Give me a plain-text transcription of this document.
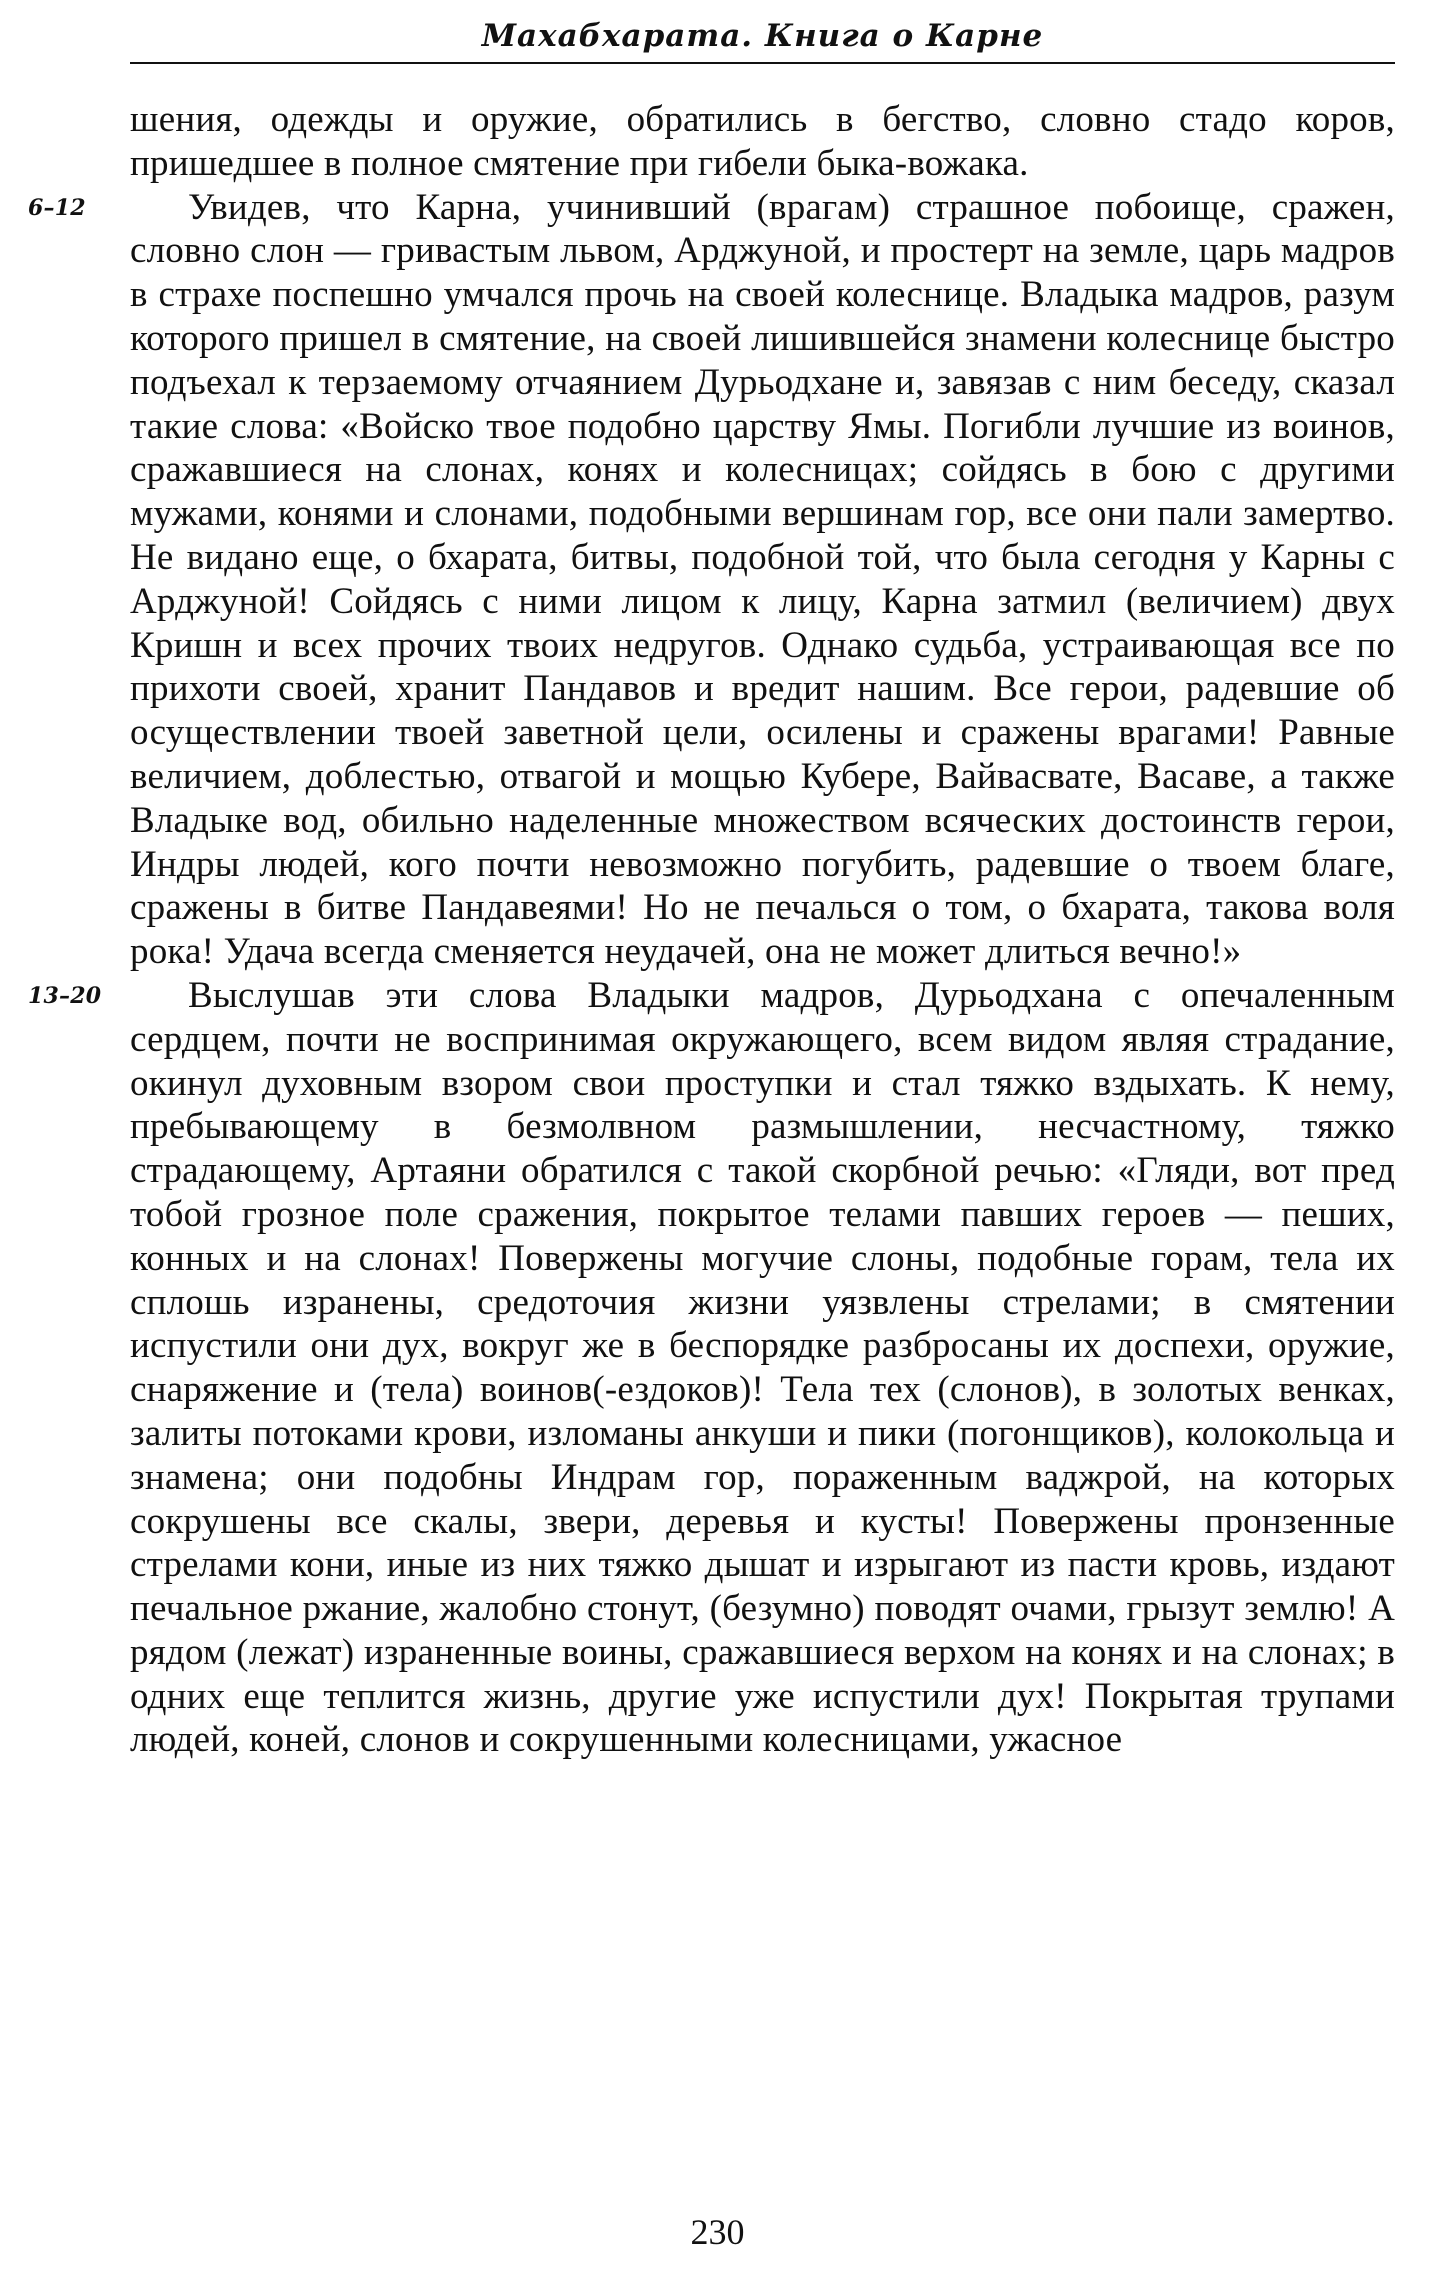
Махабхарата. Книга о Карне

шения, одежды и оружие, обратились в бегство, словно стадо коров, пришедшее в полное смятение при гибели быка-вожака.

6–12	Увидев, что Карна, учинивший (врагам) страшное побоище, сражен, словно слон — гривастым львом, Арджуной, и простерт на земле, царь мадров в страхе поспешно умчался прочь на своей колеснице. Владыка мадров, разум которого пришел в смятение, на своей лишившейся знамени колеснице быстро подъехал к терзаемому отчаянием Дурьодхане и, завязав с ним беседу, сказал такие слова: «Войско твое подобно царству Ямы. Погибли лучшие из воинов, сражавшиеся на слонах, конях и колесницах; сойдясь в бою с другими мужами, конями и слонами, подобными вершинам гор, все они пали замертво. Не видано еще, о бхарата, битвы, подобной той, что была сегодня у Карны с Арджуной! Сойдясь с ними лицом к лицу, Карна затмил (величием) двух Кришн и всех прочих твоих недругов. Однако судьба, устраивающая все по прихоти своей, хранит Пандавов и вредит нашим. Все герои, радевшие об осуществлении твоей заветной цели, осилены и сражены врагами! Равные величием, доблестью, отвагой и мощью Кубере, Вайвасвате, Васаве, а также Владыке вод, обильно наделенные множеством всяческих достоинств герои, Индры людей, кого почти невозможно погубить, радевшие о твоем благе, сражены в битве Пандавеями! Но не печалься о том, о бхарата, такова воля рока! Удача всегда сменяется неудачей, она не может длиться вечно!»

13–20 Выслушав эти слова Владыки мадров, Дурьодхана с опечаленным сердцем, почти не воспринимая окружающего, всем видом являя страдание, окинул духовным взором свои проступки и стал тяжко вздыхать. К нему, пребывающему в безмолвном размышлении, несчастному, тяжко страдающему, Артаяни обратился с такой скорбной речью: «Гляди, вот пред тобой грозное поле сражения, покрытое телами павших героев — пеших, конных и на слонах! Повержены могучие слоны, подобные горам, тела их сплошь изранены, средоточия жизни уязвлены стрелами; в смятении испустили они дух, вокруг же в беспорядке разбросаны их доспехи, оружие, снаряжение и (тела) воинов(-ездоков)! Тела тех (слонов), в золотых венках, залиты потоками крови, изломаны анкуши и пики (погонщиков), колокольца и знамена; они подобны Индрам гор, пораженным ваджрой, на которых сокрушены все скалы, звери, деревья и кусты! Повержены пронзенные стрелами кони, иные из них тяжко дышат и изрыгают из пасти кровь, издают печальное ржание, жалобно стонут, (безумно) поводят очами, грызут землю! А рядом (лежат) израненные воины, сражавшиеся верхом на конях и на слонах; в одних еще теплится жизнь, другие уже испустили дух! Покрытая трупами людей, коней, слонов и сокрушенными колесницами, ужасное

230
